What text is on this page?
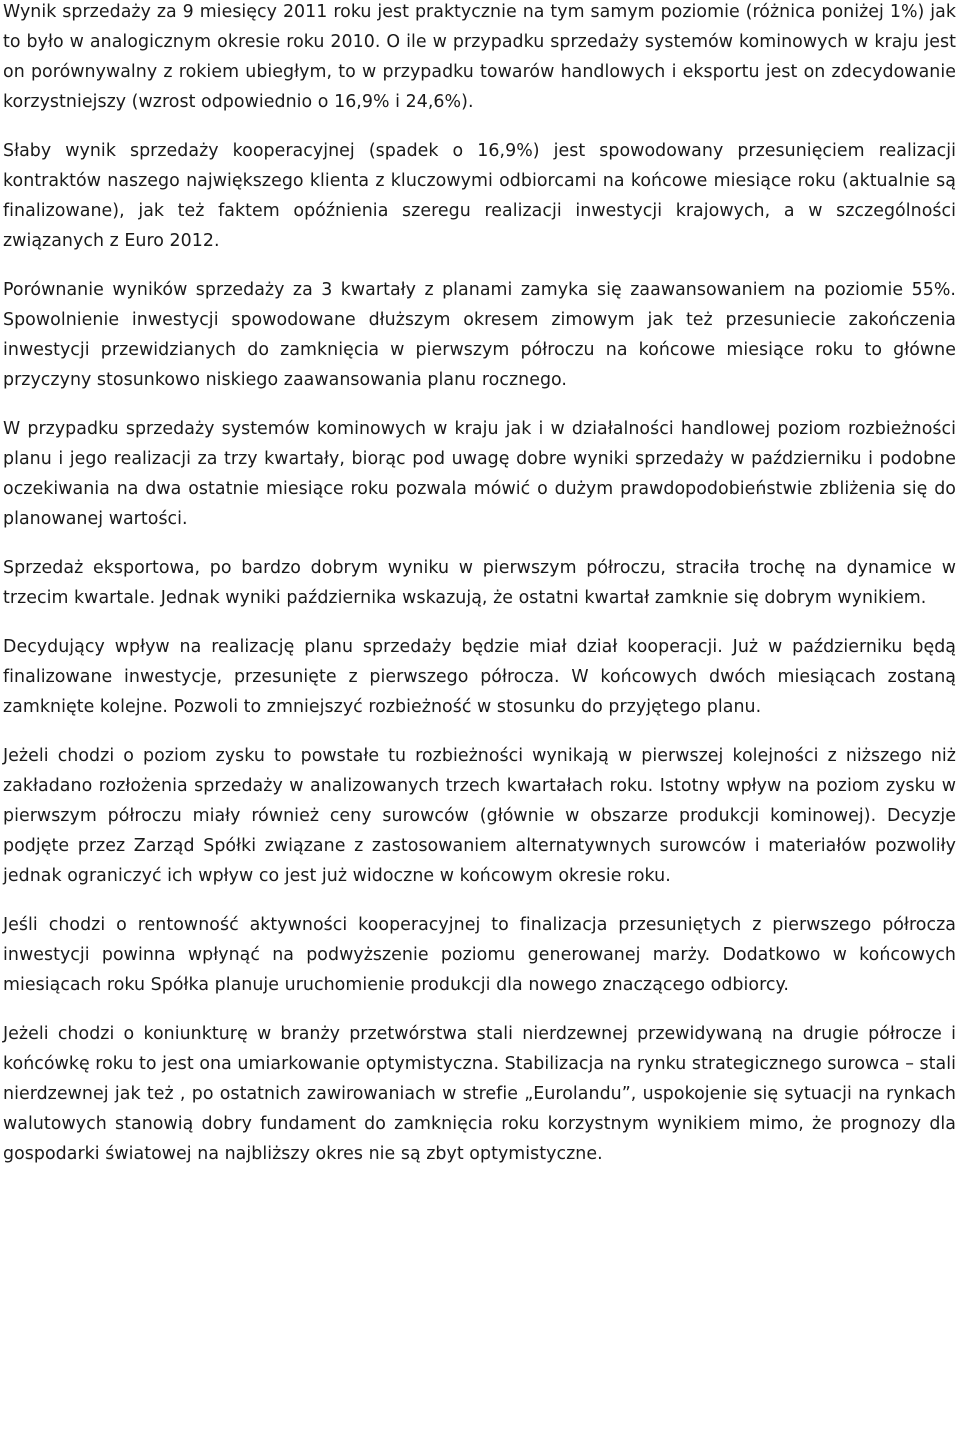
Wynik sprzedaży za 9 miesięcy 2011 roku jest praktycznie na tym samym poziomie (różnica poniżej 1%) jak to było w analogicznym okresie roku 2010. O ile w przypadku sprzedaży systemów kominowych w kraju jest on porównywalny z rokiem ubiegłym, to w przypadku towarów handlowych i eksportu jest on zdecydowanie korzystniejszy (wzrost odpowiednio o 16,9% i 24,6%).

Słaby wynik sprzedaży kooperacyjnej (spadek o 16,9%) jest spowodowany przesunięciem realizacji kontraktów naszego największego klienta z kluczowymi odbiorcami na końcowe miesiące roku (aktualnie są finalizowane), jak też faktem opóźnienia szeregu realizacji inwestycji krajowych, a w szczególności związanych z Euro 2012.

Porównanie wyników sprzedaży za 3 kwartały z planami zamyka się zaawansowaniem na poziomie 55%. Spowolnienie inwestycji spowodowane dłuższym okresem zimowym jak też przesuniecie zakończenia inwestycji przewidzianych do zamknięcia w pierwszym półroczu na końcowe miesiące roku to główne przyczyny stosunkowo niskiego zaawansowania planu rocznego.

W przypadku sprzedaży systemów kominowych w kraju jak i w działalności handlowej poziom rozbieżności planu i jego realizacji za trzy kwartały, biorąc pod uwagę dobre wyniki sprzedaży w październiku i podobne oczekiwania na dwa ostatnie miesiące roku pozwala mówić o dużym prawdopodobieństwie zbliżenia się do planowanej wartości.

Sprzedaż eksportowa, po bardzo dobrym wyniku w pierwszym półroczu, straciła trochę na dynamice w trzecim kwartale. Jednak wyniki października wskazują, że ostatni kwartał zamknie się dobrym wynikiem.

Decydujący wpływ na realizację planu sprzedaży będzie miał dział kooperacji. Już w październiku będą finalizowane inwestycje, przesunięte z pierwszego półrocza. W końcowych dwóch miesiącach zostaną zamknięte kolejne. Pozwoli to zmniejszyć rozbieżność w stosunku do przyjętego planu.

Jeżeli chodzi o poziom zysku to powstałe tu rozbieżności wynikają w pierwszej kolejności z niższego niż zakładano rozłożenia sprzedaży w analizowanych trzech kwartałach roku. Istotny wpływ na poziom zysku w pierwszym półroczu miały również ceny surowców (głównie w obszarze produkcji kominowej). Decyzje podjęte przez Zarząd Spółki związane z zastosowaniem alternatywnych surowców i materiałów pozwoliły jednak ograniczyć ich wpływ co jest już widoczne w końcowym okresie roku.

Jeśli chodzi o rentowność aktywności kooperacyjnej to finalizacja przesuniętych z pierwszego półrocza inwestycji powinna wpłynąć na podwyższenie poziomu generowanej marży. Dodatkowo w końcowych miesiącach roku Spółka planuje uruchomienie produkcji dla nowego znaczącego odbiorcy.

Jeżeli chodzi o koniunkturę w branży przetwórstwa stali nierdzewnej przewidywaną na drugie półrocze i końcówkę roku to jest ona umiarkowanie optymistyczna. Stabilizacja na rynku strategicznego surowca – stali nierdzewnej jak też , po ostatnich zawirowaniach w strefie „Eurolandu”, uspokojenie się sytuacji na rynkach walutowych stanowią dobry fundament do zamknięcia roku korzystnym wynikiem mimo, że prognozy dla gospodarki światowej na najbliższy okres nie są zbyt optymistyczne.
